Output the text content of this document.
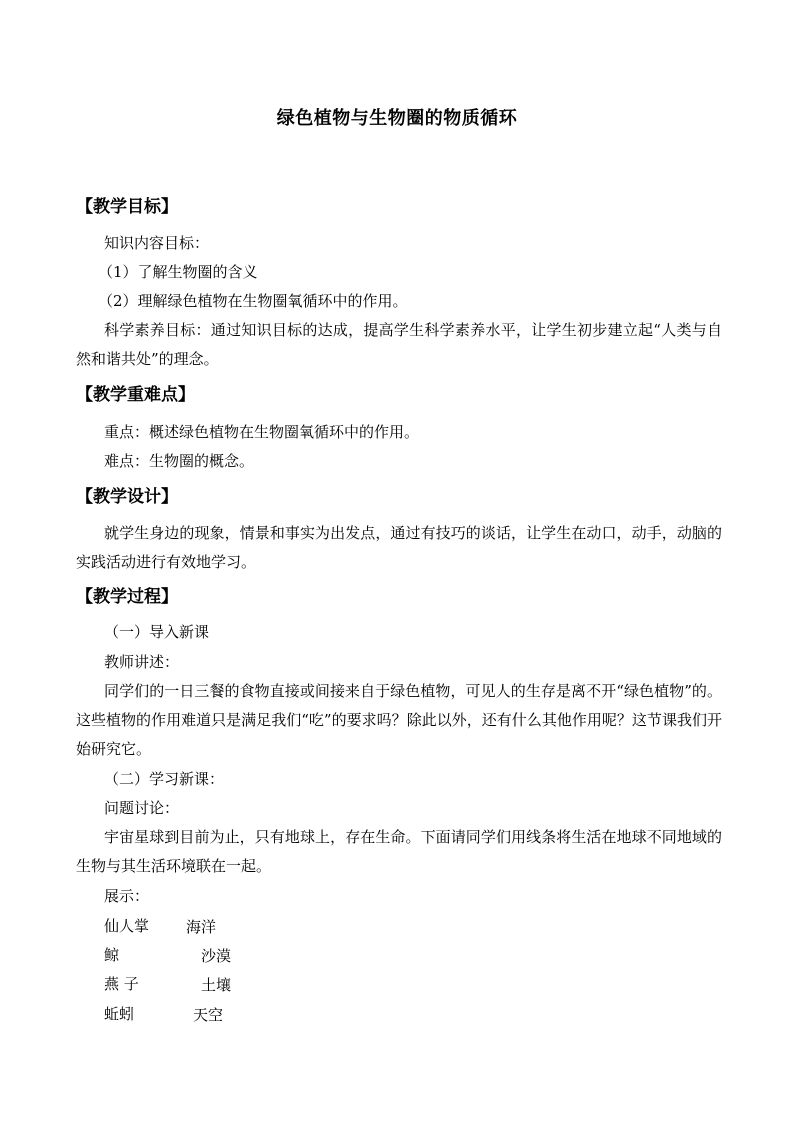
绿色植物与生物圈的物质循环
【教学目标】
知识内容目标：
（1）了解生物圈的含义
（2）理解绿色植物在生物圈氧循环中的作用。
科学素养目标：通过知识目标的达成，提高学生科学素养水平，让学生初步建立起“人类与自然和谐共处”的理念。
【教学重难点】
重点：概述绿色植物在生物圈氧循环中的作用。
难点：生物圈的概念。
【教学设计】
就学生身边的现象，情景和事实为出发点，通过有技巧的谈话，让学生在动口，动手，动脑的实践活动进行有效地学习。
【教学过程】
（一）导入新课
教师讲述：
同学们的一日三餐的食物直接或间接来自于绿色植物，可见人的生存是离不开“绿色植物”的。这些植物的作用难道只是满足我们“吃”的要求吗？除此以外，还有什么其他作用呢？这节课我们开始研究它。
（二）学习新课：
问题讨论：
宇宙星球到目前为止，只有地球上，存在生命。下面请同学们用线条将生活在地球不同地域的生物与其生活环境联在一起。
展示：
仙人掌 海洋
鲸	沙漠
燕 子	土壤
蚯蚓	天空
